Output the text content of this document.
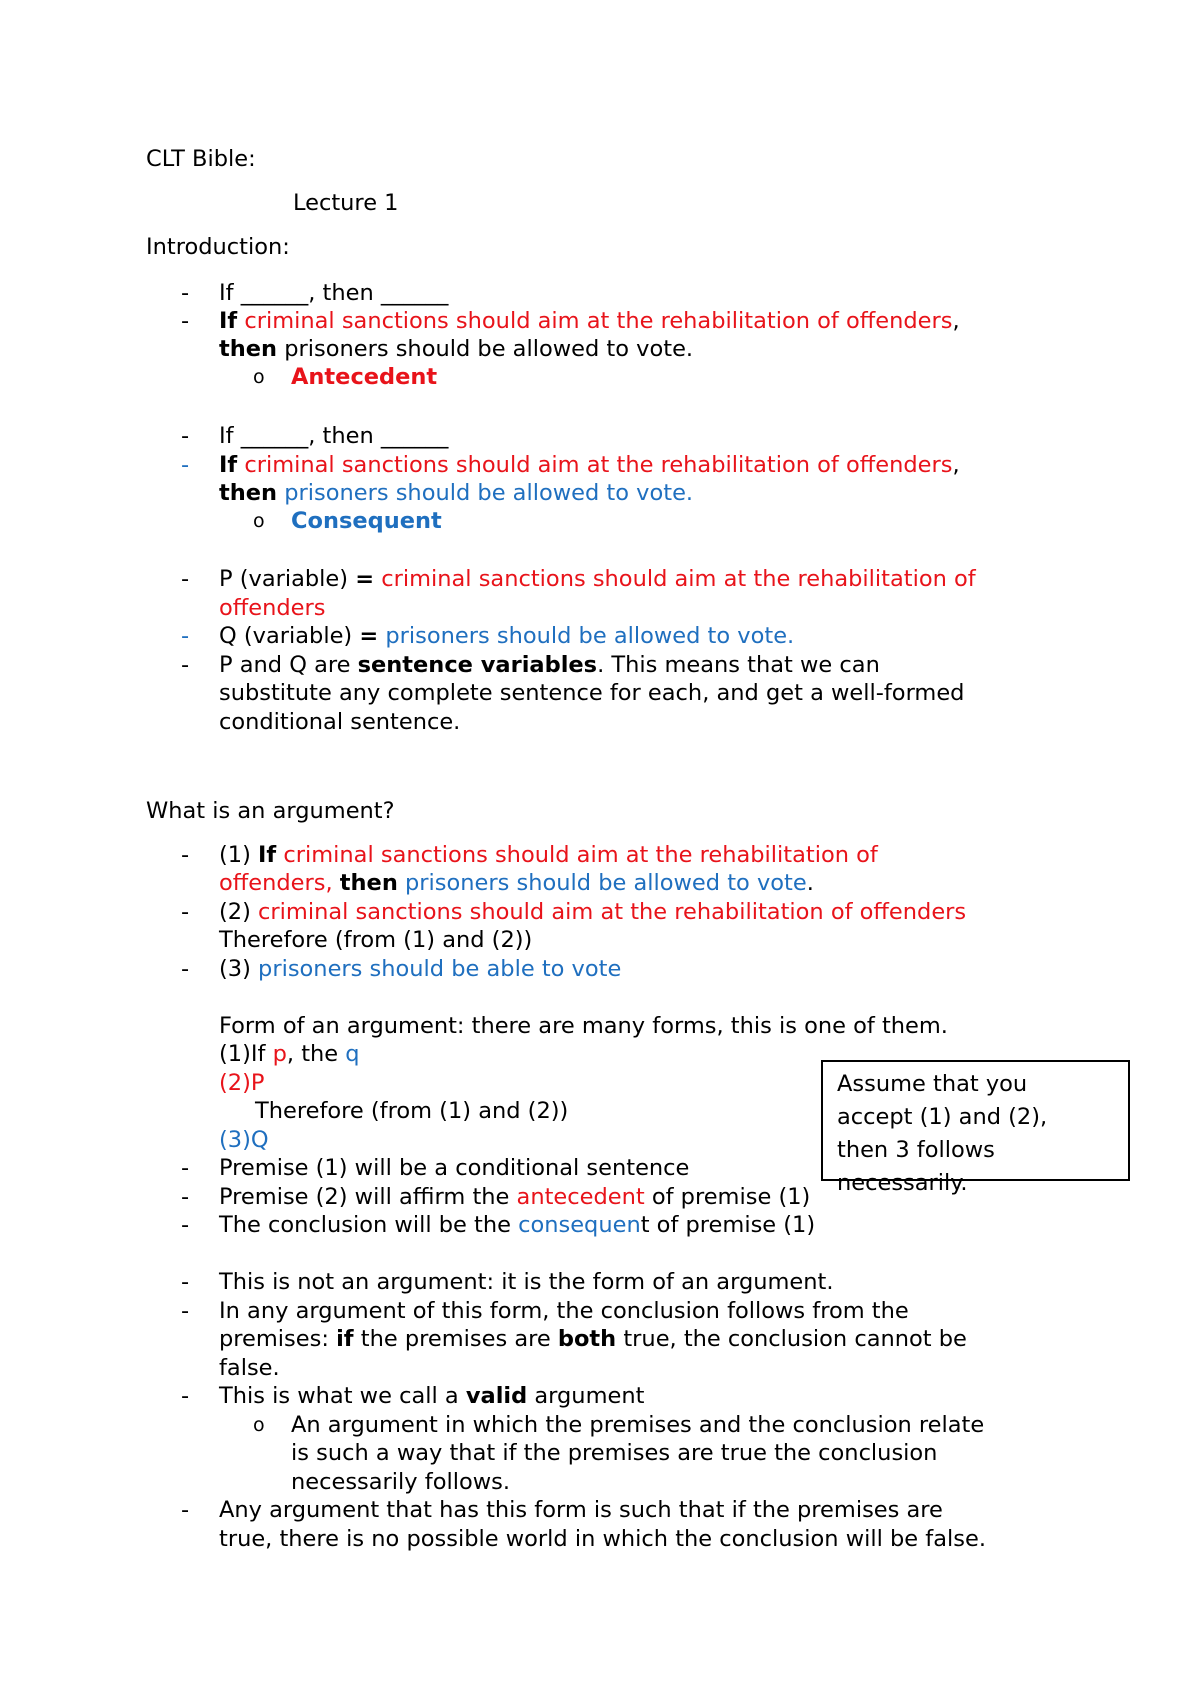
CLT Bible:
Lecture 1
Introduction:
- If ______, then ______
- If criminal sanctions should aim at the rehabilitation of offenders,
then prisoners should be allowed to vote.
o Antecedent
- If ______, then ______
- If criminal sanctions should aim at the rehabilitation of offenders,
then prisoners should be allowed to vote.
o Consequent
- P (variable) = criminal sanctions should aim at the rehabilitation of
offenders
- Q (variable) = prisoners should be allowed to vote.
- P and Q are sentence variables. This means that we can
substitute any complete sentence for each, and get a well-formed
conditional sentence.
What is an argument?
- (1) If criminal sanctions should aim at the rehabilitation of
offenders, then prisoners should be allowed to vote.
- (2) criminal sanctions should aim at the rehabilitation of offenders
Therefore (from (1) and (2))
- (3) prisoners should be able to vote
Form of an argument: there are many forms, this is one of them.
(1)If p, the q
(2)P
Therefore (from (1) and (2))
(3)Q
- Premise (1) will be a conditional sentence
- Premise (2) will affirm the antecedent of premise (1)
- The conclusion will be the consequent of premise (1)
Assume that you
accept (1) and (2),
then 3 follows
necessarily.
- This is not an argument: it is the form of an argument.
- In any argument of this form, the conclusion follows from the
premises: if the premises are both true, the conclusion cannot be
false.
- This is what we call a valid argument
o An argument in which the premises and the conclusion relate
is such a way that if the premises are true the conclusion
necessarily follows.
- Any argument that has this form is such that if the premises are
true, there is no possible world in which the conclusion will be false.
